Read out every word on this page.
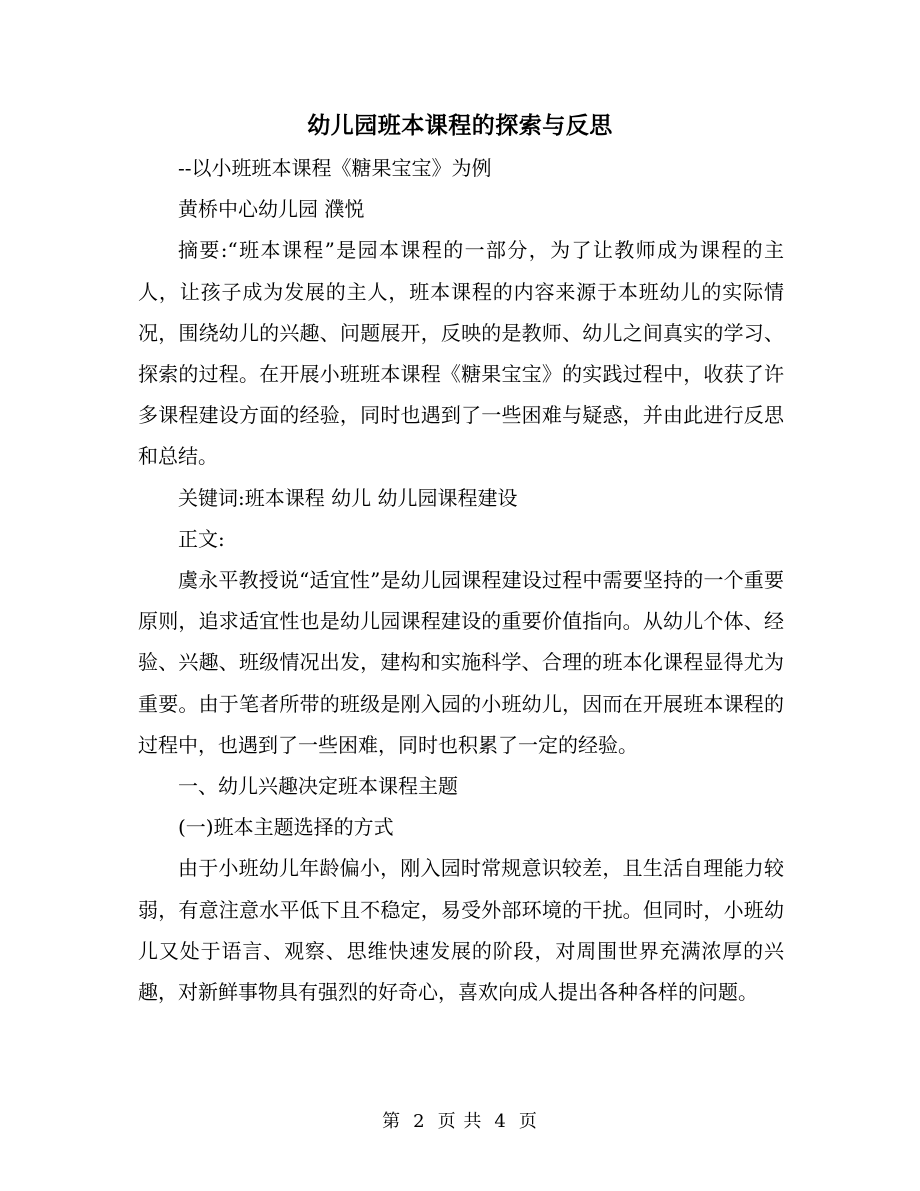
幼儿园班本课程的探索与反思

--以小班班本课程《糖果宝宝》为例

黄桥中心幼儿园 濮悦

摘要:“班本课程”是园本课程的一部分，为了让教师成为课程的主人，让孩子成为发展的主人，班本课程的内容来源于本班幼儿的实际情况，围绕幼儿的兴趣、问题展开，反映的是教师、幼儿之间真实的学习、探索的过程。在开展小班班本课程《糖果宝宝》的实践过程中，收获了许多课程建设方面的经验，同时也遇到了一些困难与疑惑，并由此进行反思和总结。

关键词:班本课程 幼儿 幼儿园课程建设

正文:

虞永平教授说“适宜性”是幼儿园课程建设过程中需要坚持的一个重要原则，追求适宜性也是幼儿园课程建设的重要价值指向。从幼儿个体、经验、兴趣、班级情况出发，建构和实施科学、合理的班本化课程显得尤为重要。由于笔者所带的班级是刚入园的小班幼儿，因而在开展班本课程的过程中，也遇到了一些困难，同时也积累了一定的经验。

一、幼儿兴趣决定班本课程主题

(一)班本主题选择的方式

由于小班幼儿年龄偏小，刚入园时常规意识较差，且生活自理能力较弱，有意注意水平低下且不稳定，易受外部环境的干扰。但同时，小班幼儿又处于语言、观察、思维快速发展的阶段，对周围世界充满浓厚的兴趣，对新鲜事物具有强烈的好奇心，喜欢向成人提出各种各样的问题。

第 2 页 共 4 页
